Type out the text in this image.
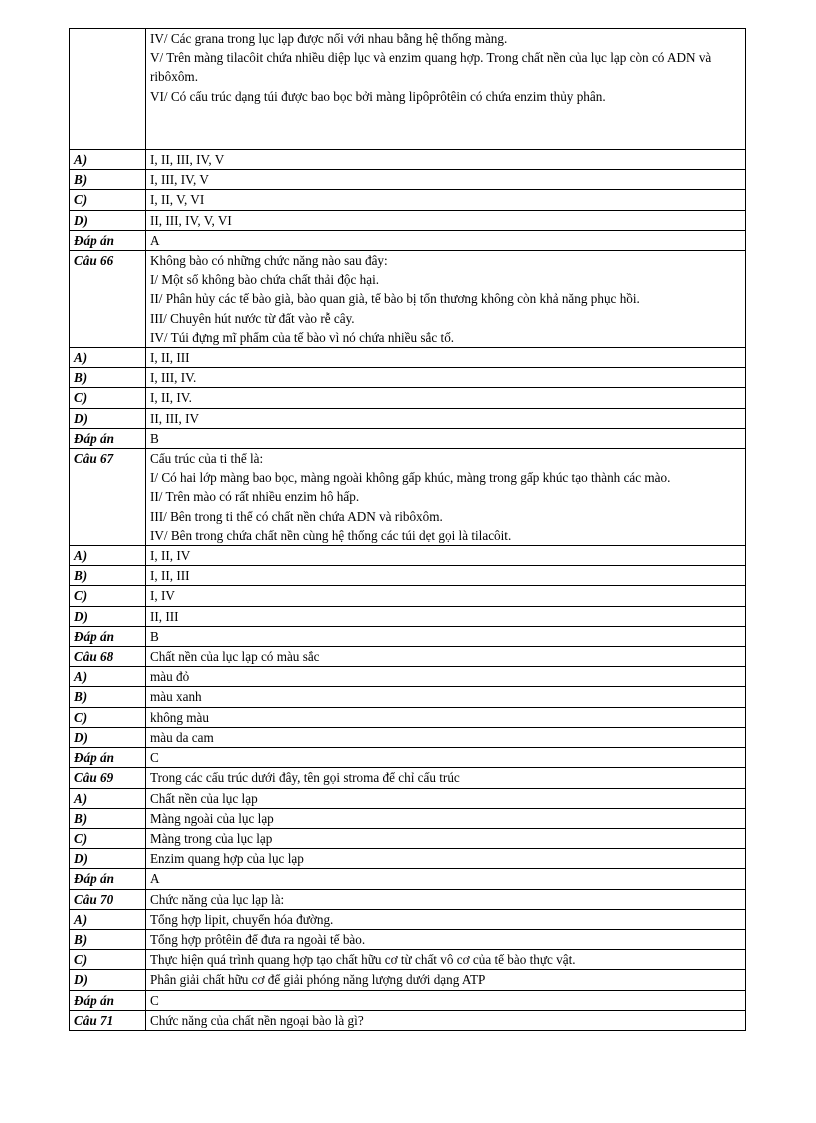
	IV/ Các grana trong lục lạp được nối với nhau bằng hệ thống màng.
V/ Trên màng tilacôit chứa nhiều diệp lục và enzim quang hợp. Trong chất nền của lục lạp còn có ADN và ribôxôm.
VI/ Có cấu trúc dạng túi được bao bọc bởi màng lipôprôtêin có chứa enzim thủy phân.

A)	I, II, III, IV, V
B)	I, III, IV, V
C)	I, II, V, VI
D)	II, III, IV, V, VI
Đáp án	A
Câu 66	Không bào có những chức năng nào sau đây:
I/ Một số không bào chứa chất thải độc hại.
II/ Phân hủy các tế bào già, bào quan già, tế bào bị tổn thương không còn khả năng phục hồi.
III/ Chuyên hút nước từ đất vào rễ cây.
IV/ Túi đựng mĩ phẩm của tế bào vì nó chứa nhiều sắc tố.

A)	I, II, III
B)	I, III, IV.
C)	I, II, IV.
D)	II, III, IV
Đáp án	B
Câu 67	Cấu trúc của ti thể là:
I/ Có hai lớp màng bao bọc, màng ngoài không gấp khúc, màng trong gấp khúc tạo thành các mào.
II/ Trên mào có rất nhiều enzim hô hấp.
III/ Bên trong ti thể có chất nền chứa ADN và ribôxôm.
IV/ Bên trong chứa chất nền cùng hệ thống các túi dẹt gọi là tilacôit.

A)	I, II, IV
B)	I, II, III
C)	I, IV
D)	II, III
Đáp án	B
Câu 68	Chất nền của lục lạp có màu sắc

A)	màu đỏ
B)	màu xanh
C)	không màu
D)	màu da cam
Đáp án	C
Câu 69	Trong các cấu trúc dưới đây, tên gọi stroma để chỉ cấu trúc

A)	Chất nền của lục lạp
B)	Màng ngoài của lục lạp
C)	Màng trong của lục lạp
D)	Enzim quang hợp của lục lạp
Đáp án	A
Câu 70	Chức năng của lục lạp là:

A)	Tổng hợp lipit, chuyển hóa đường.
B)	Tổng hợp prôtêin để đưa ra ngoài tế bào.
C)	Thực hiện quá trình quang hợp tạo chất hữu cơ từ chất vô cơ của tế bào thực vật.
D)	Phân giải chất hữu cơ để giải phóng năng lượng dưới dạng ATP
Đáp án	C
Câu 71	Chức năng của chất nền ngoại bào là gì?
